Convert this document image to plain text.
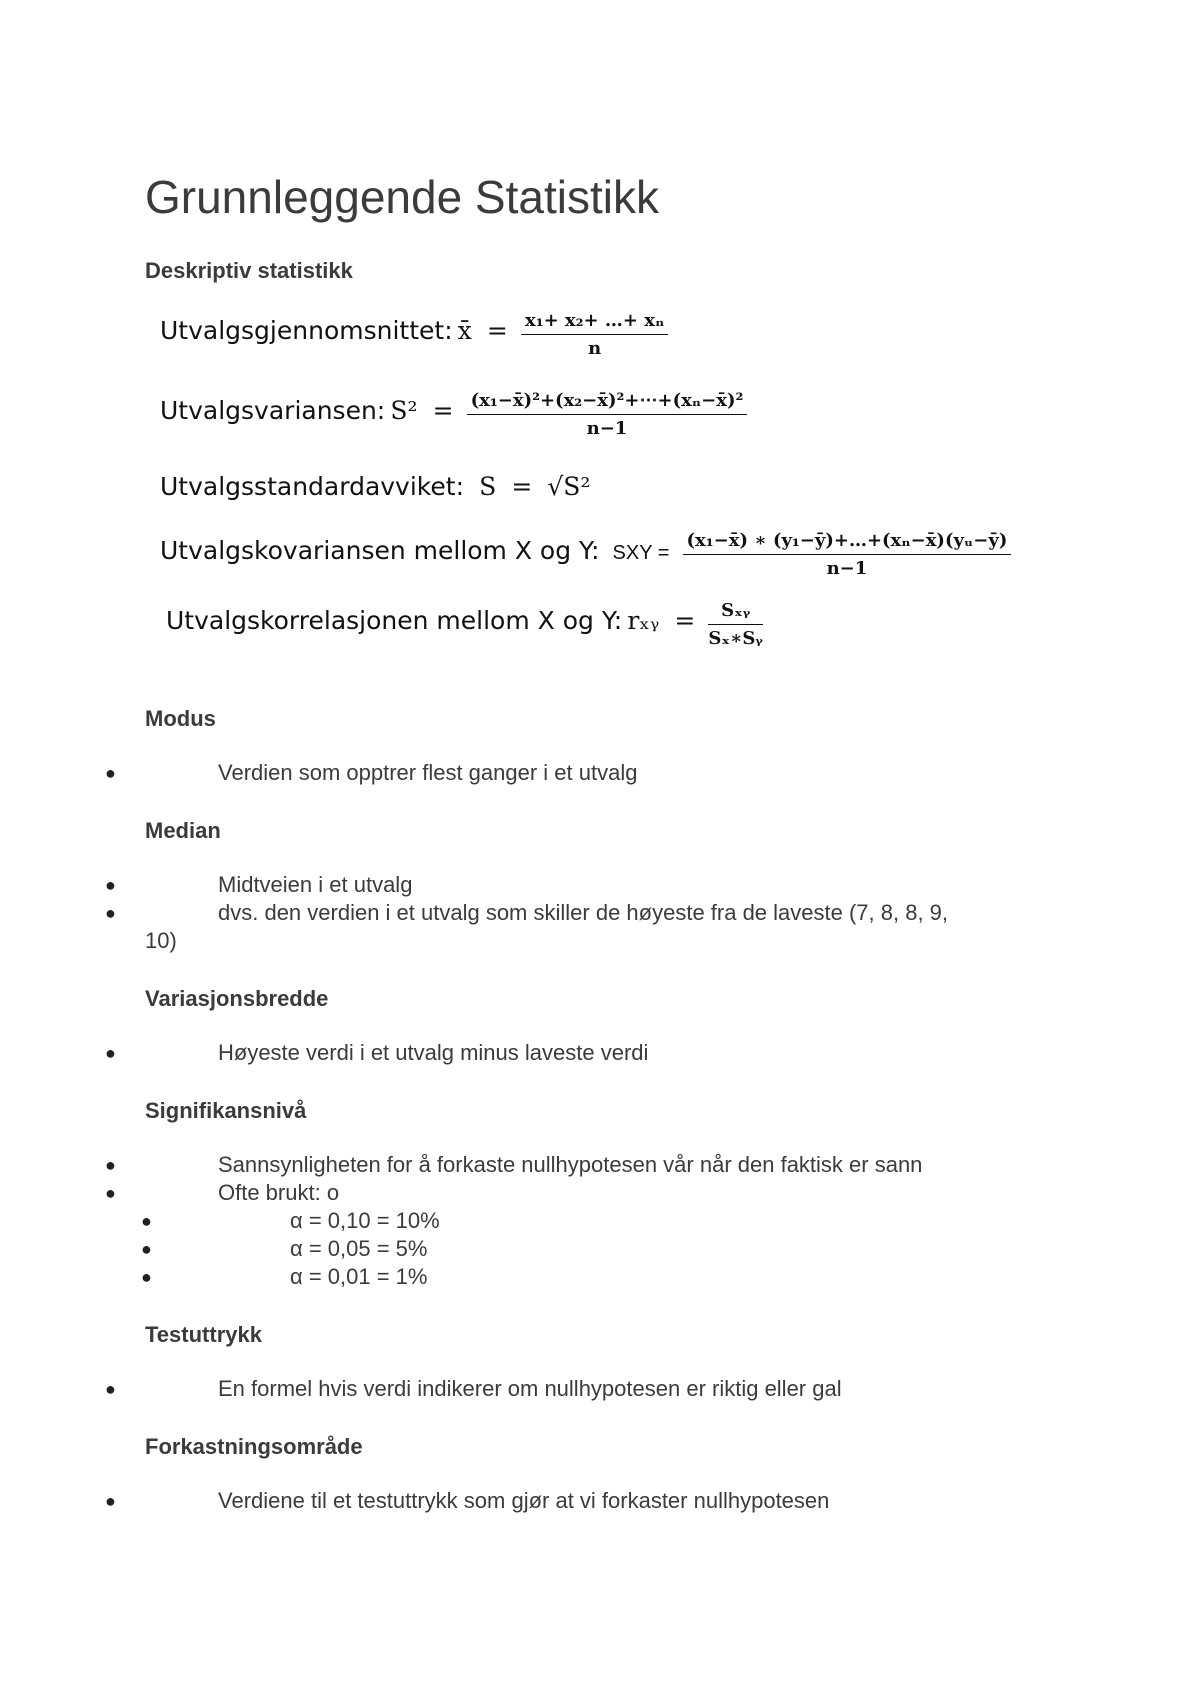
Grunnleggende Statistikk
Deskriptiv statistikk
Utvalgsgjennomsnittet: x̄ = $\frac{\text{x₁+ x₂+ …+ xₙ}}{n}$
Utvalgsvariansen: $S^2 = \frac{\text{(x₁−x̄)²+(x₂−x̄)²+⋯+(xₙ−x̄)²}}{n-1}$
Utvalgsstandardavviket: S = √S²
Utvalgskovariansen mellom X og Y: SXY = $\frac{\text{(x₁−x̄) ∗ (y₁−ȳ)+…+(xₙ−x̄)(yᵤ−ȳ)}}{n-1}$
Utvalgskorrelasjonen mellom X og Y: rₓᵧ = $\frac{\text{Sₓᵧ}}{\text{Sₓ∗Sᵧ}}$
Modus
●	Verdien som opptrer flest ganger i et utvalg
Median
●	Midtveien i et utvalg
●	dvs. den verdien i et utvalg som skiller de høyeste fra de laveste (7, 8, 8, 9,
10)
Variasjonsbredde
●	Høyeste verdi i et utvalg minus laveste verdi
Signifikansnivå
●	Sannsynligheten for å forkaste nullhypotesen vår når den faktisk er sann
●	Ofte brukt: o
●	α = 0,10 = 10%
●	α = 0,05 = 5%
●	α = 0,01 = 1%
Testuttrykk
●	En formel hvis verdi indikerer om nullhypotesen er riktig eller gal
Forkastningsområde
●	Verdiene til et testuttrykk som gjør at vi forkaster nullhypotesen
